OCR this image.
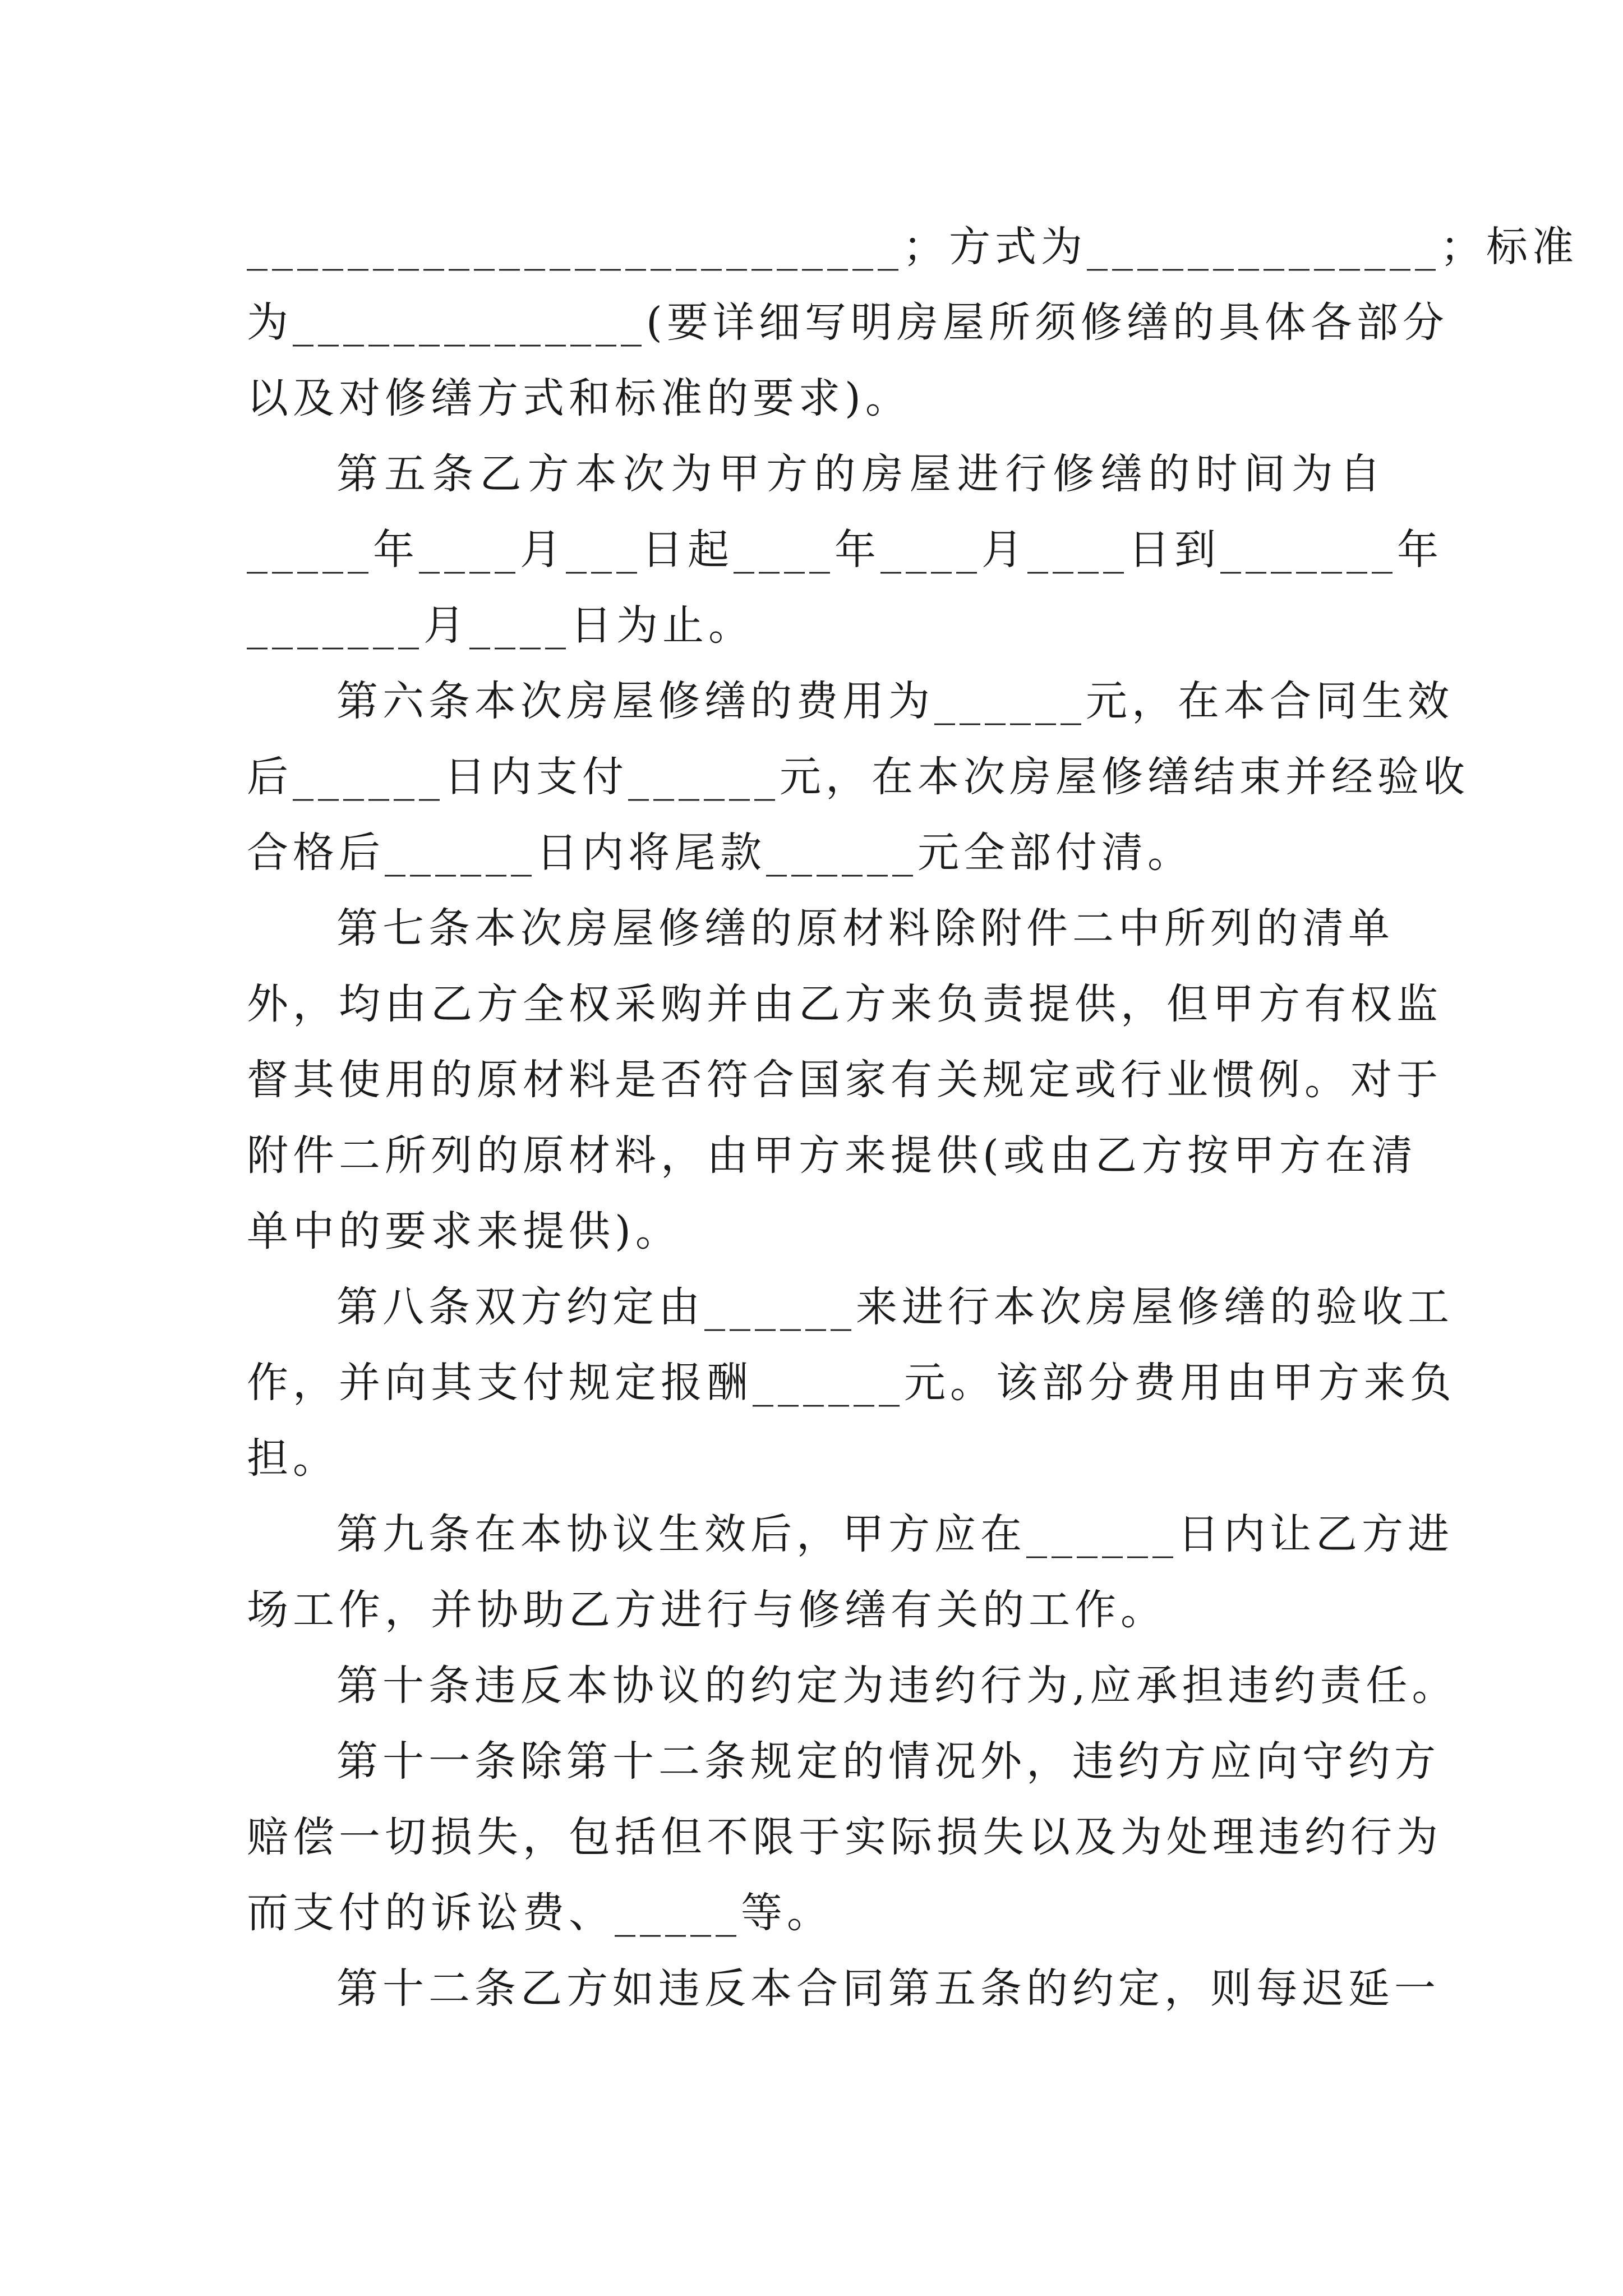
__________________________；方式为______________；标准
为______________(要详细写明房屋所须修缮的具体各部分
以及对修缮方式和标准的要求)。
第五条乙方本次为甲方的房屋进行修缮的时间为自
_____年____月___日起____年____月____日到_______年
_______月____日为止。
第六条本次房屋修缮的费用为______元，在本合同生效
后______日内支付______元，在本次房屋修缮结束并经验收
合格后______日内将尾款______元全部付清。
第七条本次房屋修缮的原材料除附件二中所列的清单
外，均由乙方全权采购并由乙方来负责提供，但甲方有权监
督其使用的原材料是否符合国家有关规定或行业惯例。对于
附件二所列的原材料，由甲方来提供(或由乙方按甲方在清
单中的要求来提供)。
第八条双方约定由______来进行本次房屋修缮的验收工
作，并向其支付规定报酬______元。该部分费用由甲方来负
担。
第九条在本协议生效后，甲方应在______日内让乙方进
场工作，并协助乙方进行与修缮有关的工作。
第十条违反本协议的约定为违约行为,应承担违约责任。
第十一条除第十二条规定的情况外，违约方应向守约方
赔偿一切损失，包括但不限于实际损失以及为处理违约行为
而支付的诉讼费、_____等。
第十二条乙方如违反本合同第五条的约定，则每迟延一
